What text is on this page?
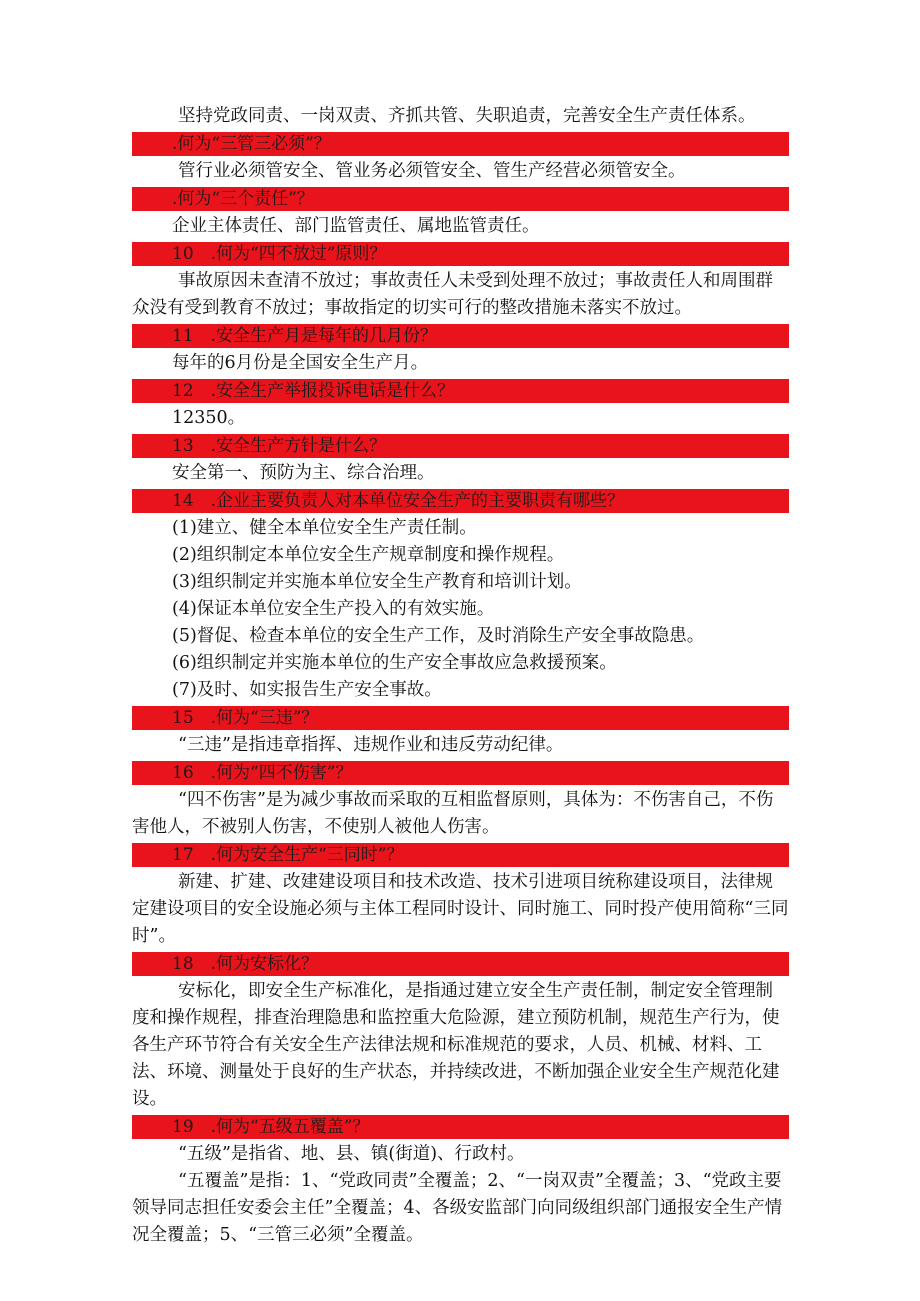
坚持党政同责、一岗双责、齐抓共管、失职追责，完善安全生产责任体系。

.何为“三管三必须”？

管行业必须管安全、管业务必须管安全、管生产经营必须管安全。

.何为“三个责任”？

企业主体责任、部门监管责任、属地监管责任。

10　.何为“四不放过”原则？

事故原因未查清不放过；事故责任人未受到处理不放过；事故责任人和周围群众没有受到教育不放过；事故指定的切实可行的整改措施未落实不放过。

11　.安全生产月是每年的几月份？

每年的6月份是全国安全生产月。

12　.安全生产举报投诉电话是什么？

12350。

13　.安全生产方针是什么？

安全第一、预防为主、综合治理。

14　.企业主要负责人对本单位安全生产的主要职责有哪些？

(1)建立、健全本单位安全生产责任制。

(2)组织制定本单位安全生产规章制度和操作规程。

(3)组织制定并实施本单位安全生产教育和培训计划。

(4)保证本单位安全生产投入的有效实施。

(5)督促、检查本单位的安全生产工作，及时消除生产安全事故隐患。

(6)组织制定并实施本单位的生产安全事故应急救援预案。

(7)及时、如实报告生产安全事故。

15　.何为“三违”？

“三违”是指违章指挥、违规作业和违反劳动纪律。

16　.何为“四不伤害”？

“四不伤害”是为减少事故而采取的互相监督原则，具体为：不伤害自己，不伤害他人，不被别人伤害，不使别人被他人伤害。

17　.何为安全生产“三同时”？

新建、扩建、改建建设项目和技术改造、技术引进项目统称建设项目，法律规定建设项目的安全设施必须与主体工程同时设计、同时施工、同时投产使用简称“三同时”。

18　.何为安标化？

安标化，即安全生产标准化，是指通过建立安全生产责任制，制定安全管理制度和操作规程，排查治理隐患和监控重大危险源，建立预防机制，规范生产行为，使各生产环节符合有关安全生产法律法规和标准规范的要求，人员、机械、材料、工法、环境、测量处于良好的生产状态，并持续改进，不断加强企业安全生产规范化建设。

19　.何为“五级五覆盖”？

“五级”是指省、地、县、镇(街道)、行政村。

“五覆盖”是指：1、“党政同责”全覆盖；2、“一岗双责”全覆盖；3、“党政主要领导同志担任安委会主任”全覆盖；4、各级安监部门向同级组织部门通报安全生产情况全覆盖；5、“三管三必须”全覆盖。
